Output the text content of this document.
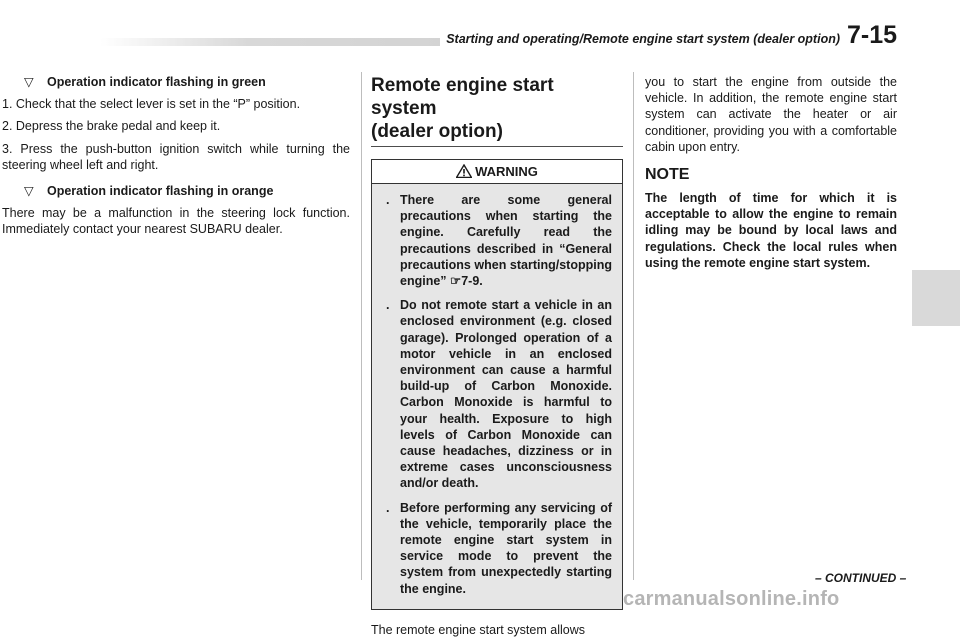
Starting and operating/Remote engine start system (dealer option) 7-15
▽ Operation indicator flashing in green

1. Check that the select lever is set in the “P” position.

2. Depress the brake pedal and keep it.

3. Press the push-button ignition switch while turning the steering wheel left and right.

▽ Operation indicator flashing in orange

There may be a malfunction in the steering lock function. Immediately contact your nearest SUBARU dealer.

Remote engine start system
(dealer option)
WARNING
. There are some general precautions when starting the engine. Carefully read the precautions described in “General precautions when starting/stopping engine” ☞7-9.
. Do not remote start a vehicle in an enclosed environment (e.g. closed garage). Prolonged operation of a motor vehicle in an enclosed environment can cause a harmful build-up of Carbon Monoxide. Carbon Monoxide is harmful to your health. Exposure to high levels of Carbon Monoxide can cause headaches, dizziness or in extreme cases unconsciousness and/or death.
. Before performing any servicing of the vehicle, temporarily place the remote engine start system in service mode to prevent the system from unexpectedly starting the engine.

The remote engine start system allows

you to start the engine from outside the vehicle. In addition, the remote engine start system can activate the heater or air conditioner, providing you with a comfortable cabin upon entry.

NOTE
The length of time for which it is acceptable to allow the engine to remain idling may be bound by local laws and regulations. Check the local rules when using the remote engine start system.
– CONTINUED –
carmanualsonline.info
